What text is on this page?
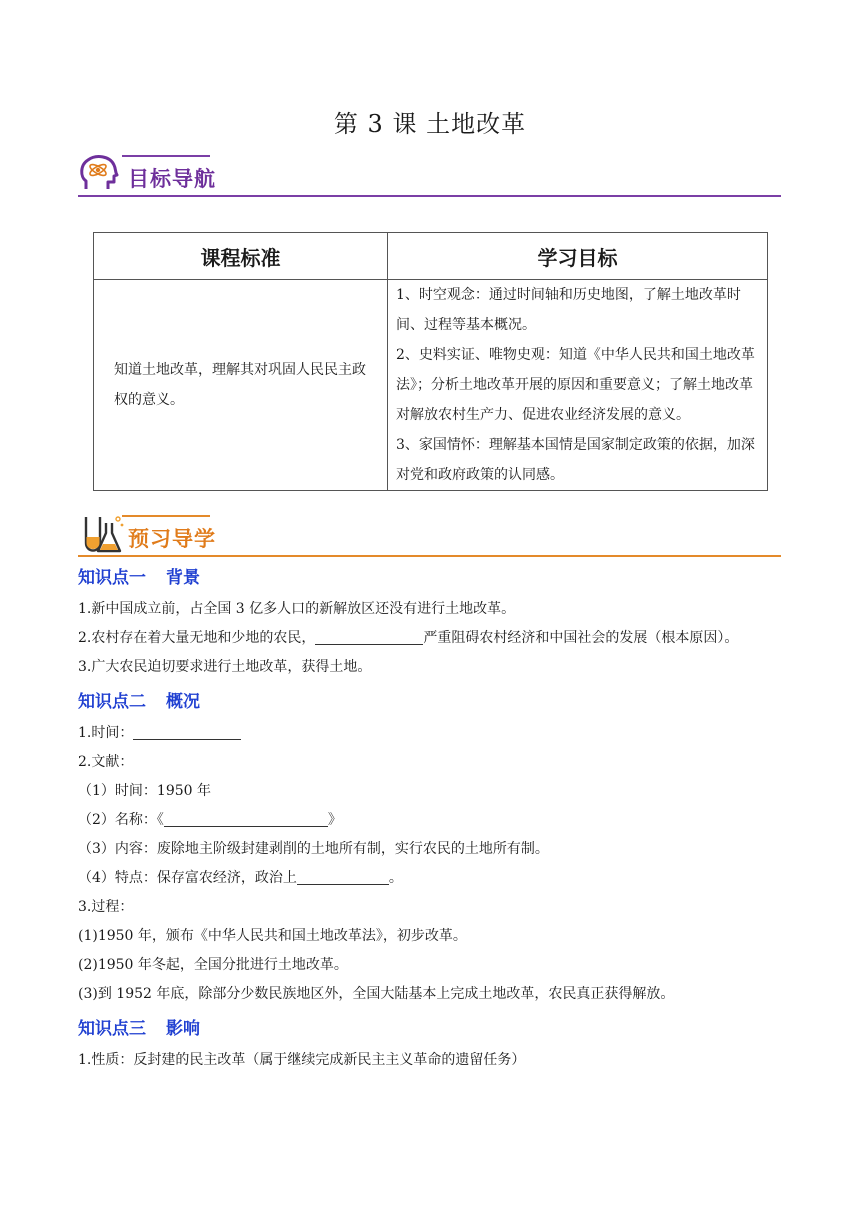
第 3 课 土地改革
目标导航
课程标准	学习目标
知道土地改革，理解其对巩固人民民主政权的意义。	1、时空观念：通过时间轴和历史地图，了解土地改革时间、过程等基本概况。

2、史料实证、唯物史观：知道《中华人民共和国土地改革法》；分析土地改革开展的原因和重要意义；了解土地改革对解放农村生产力、促进农业经济发展的意义。

3、家国情怀：理解基本国情是国家制定政策的依据，加深对党和政府政策的认同感。

预习导学
知识点一 背景
1.新中国成立前，占全国 3 亿多人口的新解放区还没有进行土地改革。
2.农村存在着大量无地和少地的农民，	严重阻碍农村经济和中国社会的发展（根本原因）。
3.广大农民迫切要求进行土地改革，获得土地。
知识点二 概况
1.时间：
2.文献：
（1）时间：1950 年
（2）名称：《	》
（3）内容：废除地主阶级封建剥削的土地所有制，实行农民的土地所有制。
（4）特点：保存富农经济，政治上	。
3.过程：
(1)1950 年，颁布《中华人民共和国土地改革法》，初步改革。
(2)1950 年冬起，全国分批进行土地改革。
(3)到 1952 年底，除部分少数民族地区外，全国大陆基本上完成土地改革，农民真正获得解放。
知识点三 影响
1.性质：反封建的民主改革（属于继续完成新民主主义革命的遗留任务）
